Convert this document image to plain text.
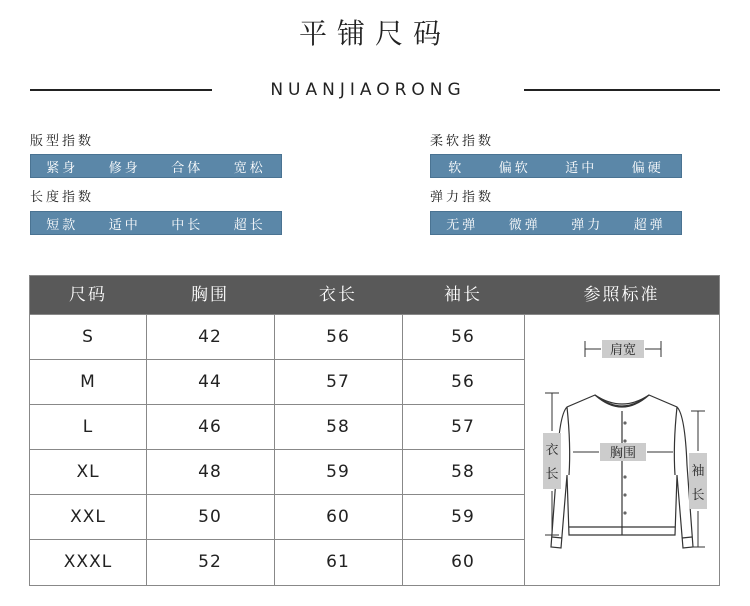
平铺尺码
NUANJIAORONG
版型指数
紧身 修身 合体 宽松
柔软指数
软	偏软	适中	偏硬
长度指数
短款 适中 中长 超长
弹力指数
无弹 微弹 弹力 超弹
尺码	胸围	衣长	袖长	参照标准
S	42	56	56
M	44	57	56
L	46	58	57
XL	48	59	58
XXL	50	60	59
XXXL	52	61	60
肩宽
胸围
衣
长	袖
长
